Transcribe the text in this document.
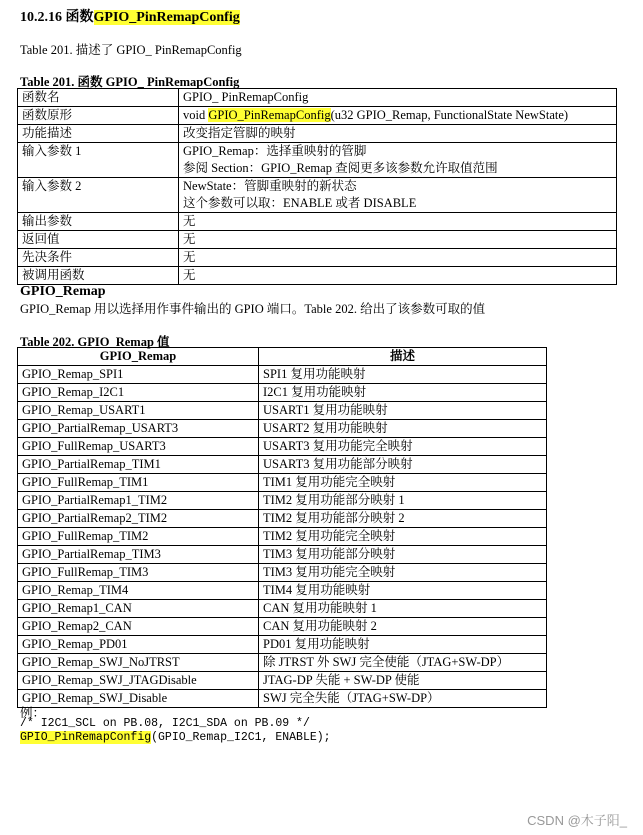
10.2.16 函数GPIO_PinRemapConfig
Table 201. 描述了 GPIO_ PinRemapConfig
Table 201. 函数 GPIO_ PinRemapConfig
函数名	GPIO_ PinRemapConfig

函数原形	void GPIO_PinRemapConfig(u32 GPIO_Remap, FunctionalState NewState)
功能描述	改变指定管脚的映射

输入参数 1	GPIO_Remap：选择重映射的管脚
参阅 Section：GPIO_Remap 查阅更多该参数允许取值范围

输入参数 2	NewState：管脚重映射的新状态
这个参数可以取：ENABLE 或者 DISABLE

输出参数	无

返回值	无

先决条件	无

被调用函数	无
GPIO_Remap
GPIO_Remap 用以选择用作事件输出的 GPIO 端口。Table 202. 给出了该参数可取的值
Table 202. GPIO_Remap 值
GPIO_Remap	描述
GPIO_Remap_SPI1	SPI1 复用功能映射
GPIO_Remap_I2C1	I2C1 复用功能映射
GPIO_Remap_USART1	USART1 复用功能映射
GPIO_PartialRemap_USART3	USART2 复用功能映射
GPIO_FullRemap_USART3	USART3 复用功能完全映射
GPIO_PartialRemap_TIM1	USART3 复用功能部分映射
GPIO_FullRemap_TIM1	TIM1 复用功能完全映射
GPIO_PartialRemap1_TIM2	TIM2 复用功能部分映射 1
GPIO_PartialRemap2_TIM2	TIM2 复用功能部分映射 2
GPIO_FullRemap_TIM2	TIM2 复用功能完全映射
GPIO_PartialRemap_TIM3	TIM3 复用功能部分映射
GPIO_FullRemap_TIM3	TIM3 复用功能完全映射
GPIO_Remap_TIM4	TIM4 复用功能映射
GPIO_Remap1_CAN	CAN 复用功能映射 1
GPIO_Remap2_CAN	CAN 复用功能映射 2
GPIO_Remap_PD01	PD01 复用功能映射
GPIO_Remap_SWJ_NoJTRST	除 JTRST 外 SWJ 完全使能（JTAG+SW-DP）
GPIO_Remap_SWJ_JTAGDisable	JTAG-DP 失能 + SW-DP 使能
GPIO_Remap_SWJ_Disable	SWJ 完全失能（JTAG+SW-DP）
例：
/* I2C1_SCL on PB.08, I2C1_SDA on PB.09 */
GPIO_PinRemapConfig(GPIO_Remap_I2C1, ENABLE);
CSDN @木子阳_
